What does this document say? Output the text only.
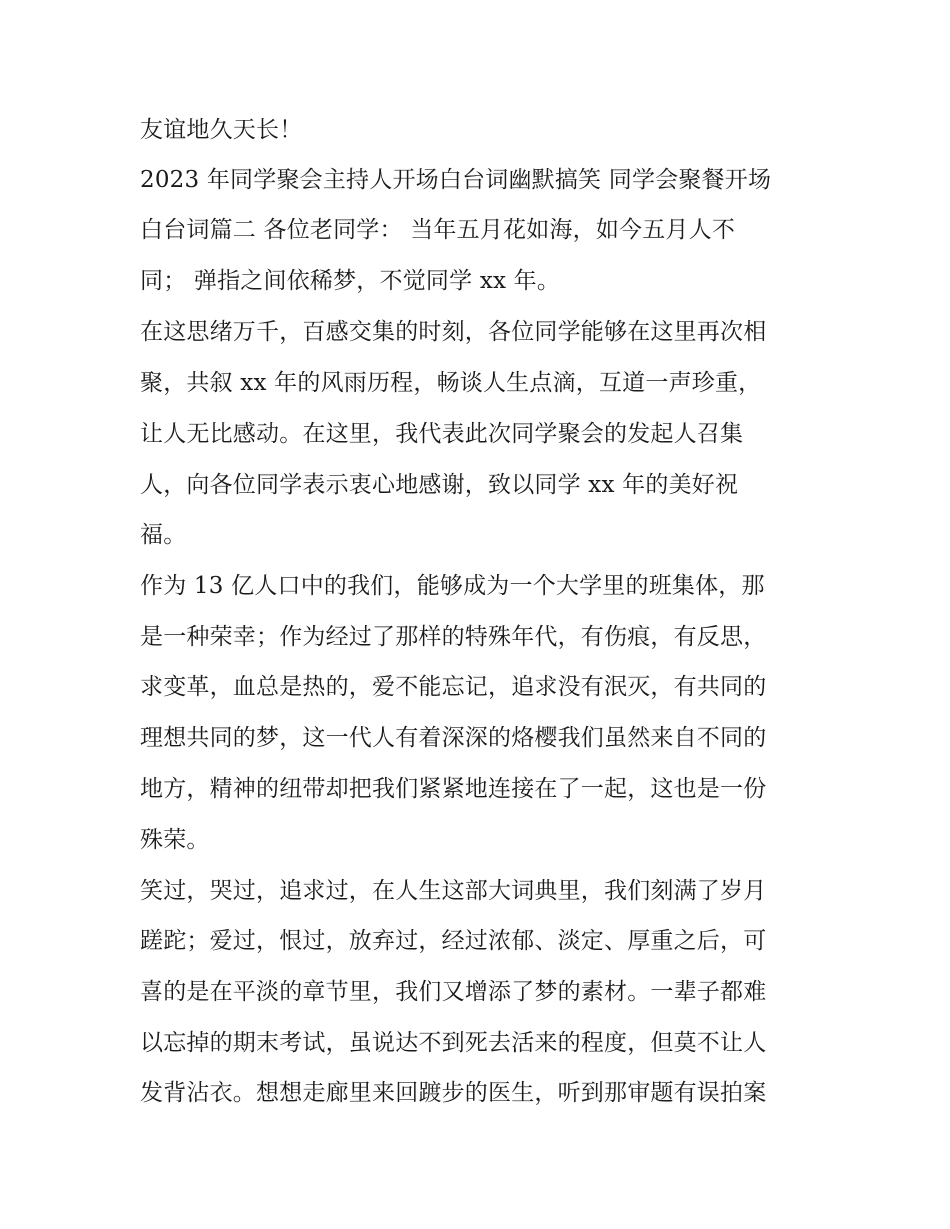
友谊地久天长！

2023 年同学聚会主持人开场白台词幽默搞笑 同学会聚餐开场

白台词篇二 各位老同学： 当年五月花如海，如今五月人不

同； 弹指之间依稀梦，不觉同学 xx 年。

在这思绪万千，百感交集的时刻，各位同学能够在这里再次相

聚，共叙 xx 年的风雨历程，畅谈人生点滴，互道一声珍重，

让人无比感动。在这里，我代表此次同学聚会的发起人召集

人，向各位同学表示衷心地感谢，致以同学 xx 年的美好祝

福。

作为 13 亿人口中的我们，能够成为一个大学里的班集体，那

是一种荣幸；作为经过了那样的特殊年代，有伤痕，有反思，

求变革，血总是热的，爱不能忘记，追求没有泯灭，有共同的

理想共同的梦，这一代人有着深深的烙樱我们虽然来自不同的

地方，精神的纽带却把我们紧紧地连接在了一起，这也是一份

殊荣。

笑过，哭过，追求过，在人生这部大词典里，我们刻满了岁月

蹉跎；爱过，恨过，放弃过，经过浓郁、淡定、厚重之后，可

喜的是在平淡的章节里，我们又增添了梦的素材。一辈子都难

以忘掉的期末考试，虽说达不到死去活来的程度，但莫不让人

发背沾衣。想想走廊里来回踱步的医生，听到那审题有误拍案
